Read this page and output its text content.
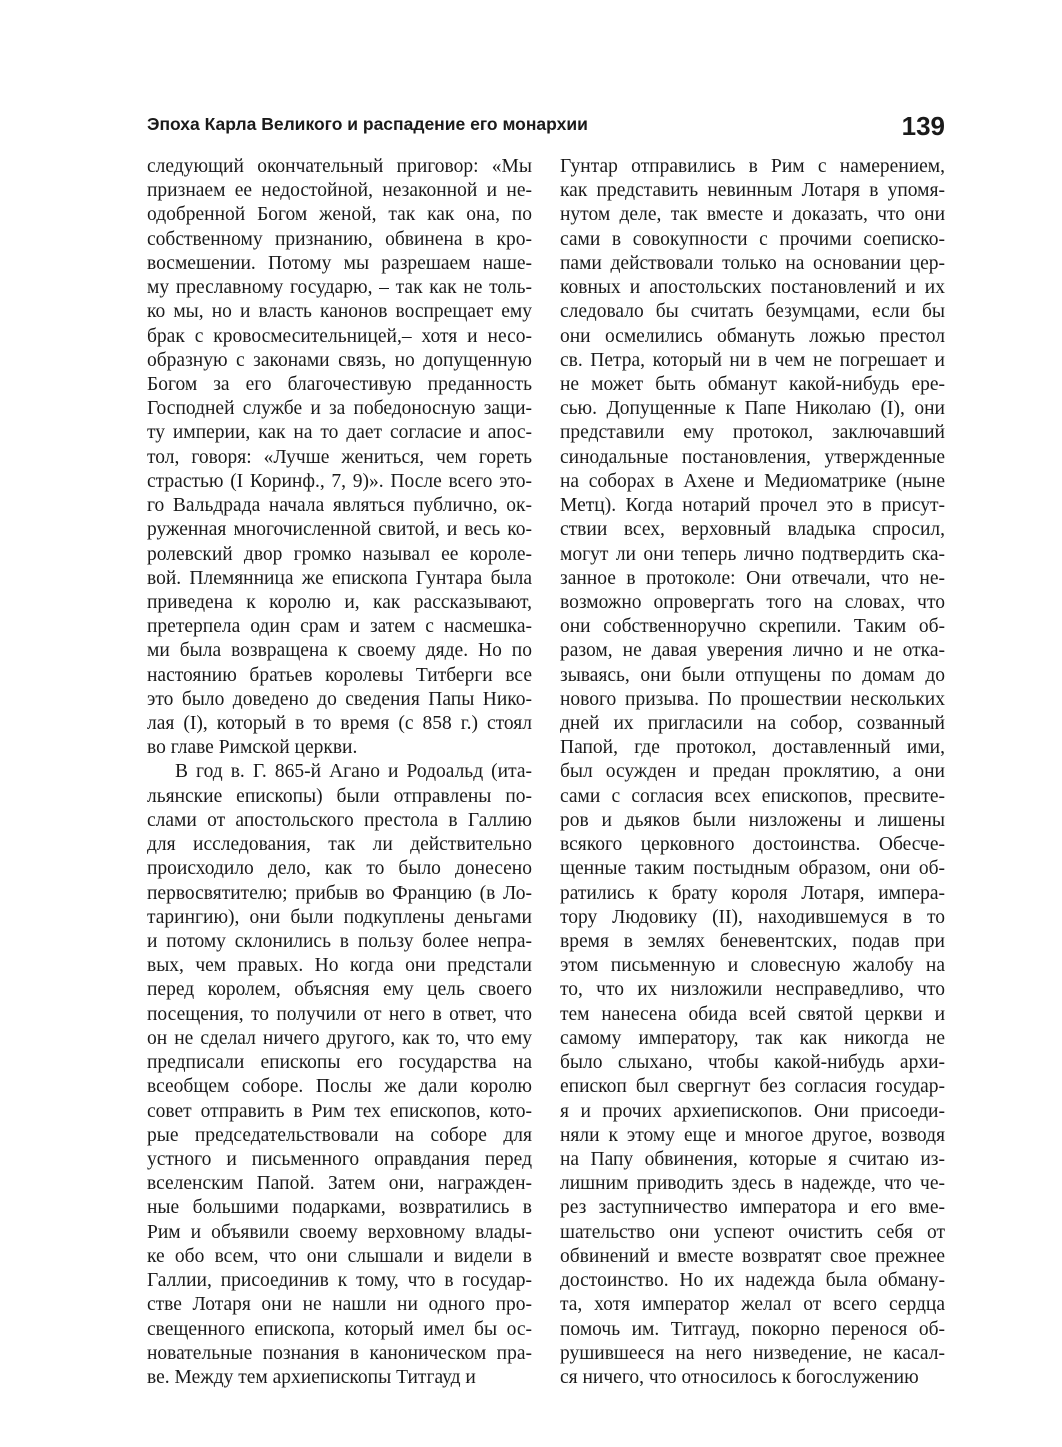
Эпоха Карла Великого и распадение его монархии	139
следующий окончательный приговор: «Мы
признаем ее недостойной, незаконной и не-
одобренной Богом женой, так как она, по
собственному признанию, обвинена в кро-
восмешении. Потому мы разрешаем наше-
му преславному государю, – так как не толь-
ко мы, но и власть канонов воспрещает ему
брак с кровосмесительницей,– хотя и несо-
образную с законами связь, но допущенную
Богом за его благочестивую преданность
Господней службе и за победоносную защи-
ту империи, как на то дает согласие и апос-
тол, говоря: «Лучше жениться, чем гореть
страстью (I Коринф., 7, 9)». После всего это-
го Вальдрада начала являться публично, ок-
руженная многочисленной свитой, и весь ко-
ролевский двор громко называл ее короле-
вой. Племянница же епископа Гунтара была
приведена к королю и, как рассказывают,
претерпела один срам и затем с насмешка-
ми была возвращена к своему дяде. Но по
настоянию братьев королевы Титберги все
это было доведено до сведения Папы Нико-
лая (I), который в то время (с 858 г.) стоял
во главе Римской церкви.
В год в. Г. 865-й Агано и Родоальд (ита-
льянские епископы) были отправлены по-
слами от апостольского престола в Галлию
для исследования, так ли действительно
происходило дело, как то было донесено
первосвятителю; прибыв во Францию (в Ло-
тарингию), они были подкуплены деньгами
и потому склонились в пользу более непра-
вых, чем правых. Но когда они предстали
перед королем, объясняя ему цель своего
посещения, то получили от него в ответ, что
он не сделал ничего другого, как то, что ему
предписали епископы его государства на
всеобщем соборе. Послы же дали королю
совет отправить в Рим тех епископов, кото-
рые председательствовали на соборе для
устного и письменного оправдания перед
вселенским Папой. Затем они, награжден-
ные большими подарками, возвратились в
Рим и объявили своему верховному влады-
ке обо всем, что они слышали и видели в
Галлии, присоединив к тому, что в государ-
стве Лотаря они не нашли ни одного про-
свещенного епископа, который имел бы ос-
новательные познания в каноническом пра-
ве. Между тем архиепископы Титгауд и
Гунтар отправились в Рим с намерением,
как представить невинным Лотаря в упомя-
нутом деле, так вместе и доказать, что они
сами в совокупности с прочими соеписко-
пами действовали только на основании цер-
ковных и апостольских постановлений и их
следовало бы считать безумцами, если бы
они осмелились обмануть ложью престол
св. Петра, который ни в чем не погрешает и
не может быть обманут какой-нибудь ере-
сью. Допущенные к Папе Николаю (I), они
представили ему протокол, заключавший
синодальные постановления, утвержденные
на соборах в Ахене и Медиоматрике (ныне
Метц). Когда нотарий прочел это в присут-
ствии всех, верховный владыка спросил,
могут ли они теперь лично подтвердить ска-
занное в протоколе: Они отвечали, что не-
возможно опровергать того на словах, что
они собственноручно скрепили. Таким об-
разом, не давая уверения лично и не отка-
зываясь, они были отпущены по домам до
нового призыва. По прошествии нескольких
дней их пригласили на собор, созванный
Папой, где протокол, доставленный ими,
был осужден и предан проклятию, а они
сами с согласия всех епископов, пресвите-
ров и дьяков были низложены и лишены
всякого церковного достоинства. Обесче-
щенные таким постыдным образом, они об-
ратились к брату короля Лотаря, импера-
тору Людовику (II), находившемуся в то
время в землях беневентских, подав при
этом письменную и словесную жалобу на
то, что их низложили несправедливо, что
тем нанесена обида всей святой церкви и
самому императору, так как никогда не
было слыхано, чтобы какой-нибудь архи-
епископ был свергнут без согласия государ-
я и прочих архиепископов. Они присоеди-
няли к этому еще и многое другое, возводя
на Папу обвинения, которые я считаю из-
лишним приводить здесь в надежде, что че-
рез заступничество императора и его вме-
шательство они успеют очистить себя от
обвинений и вместе возвратят свое прежнее
достоинство. Но их надежда была обману-
та, хотя император желал от всего сердца
помочь им. Титгауд, покорно перенося об-
рушившееся на него низведение, не касал-
ся ничего, что относилось к богослужению
